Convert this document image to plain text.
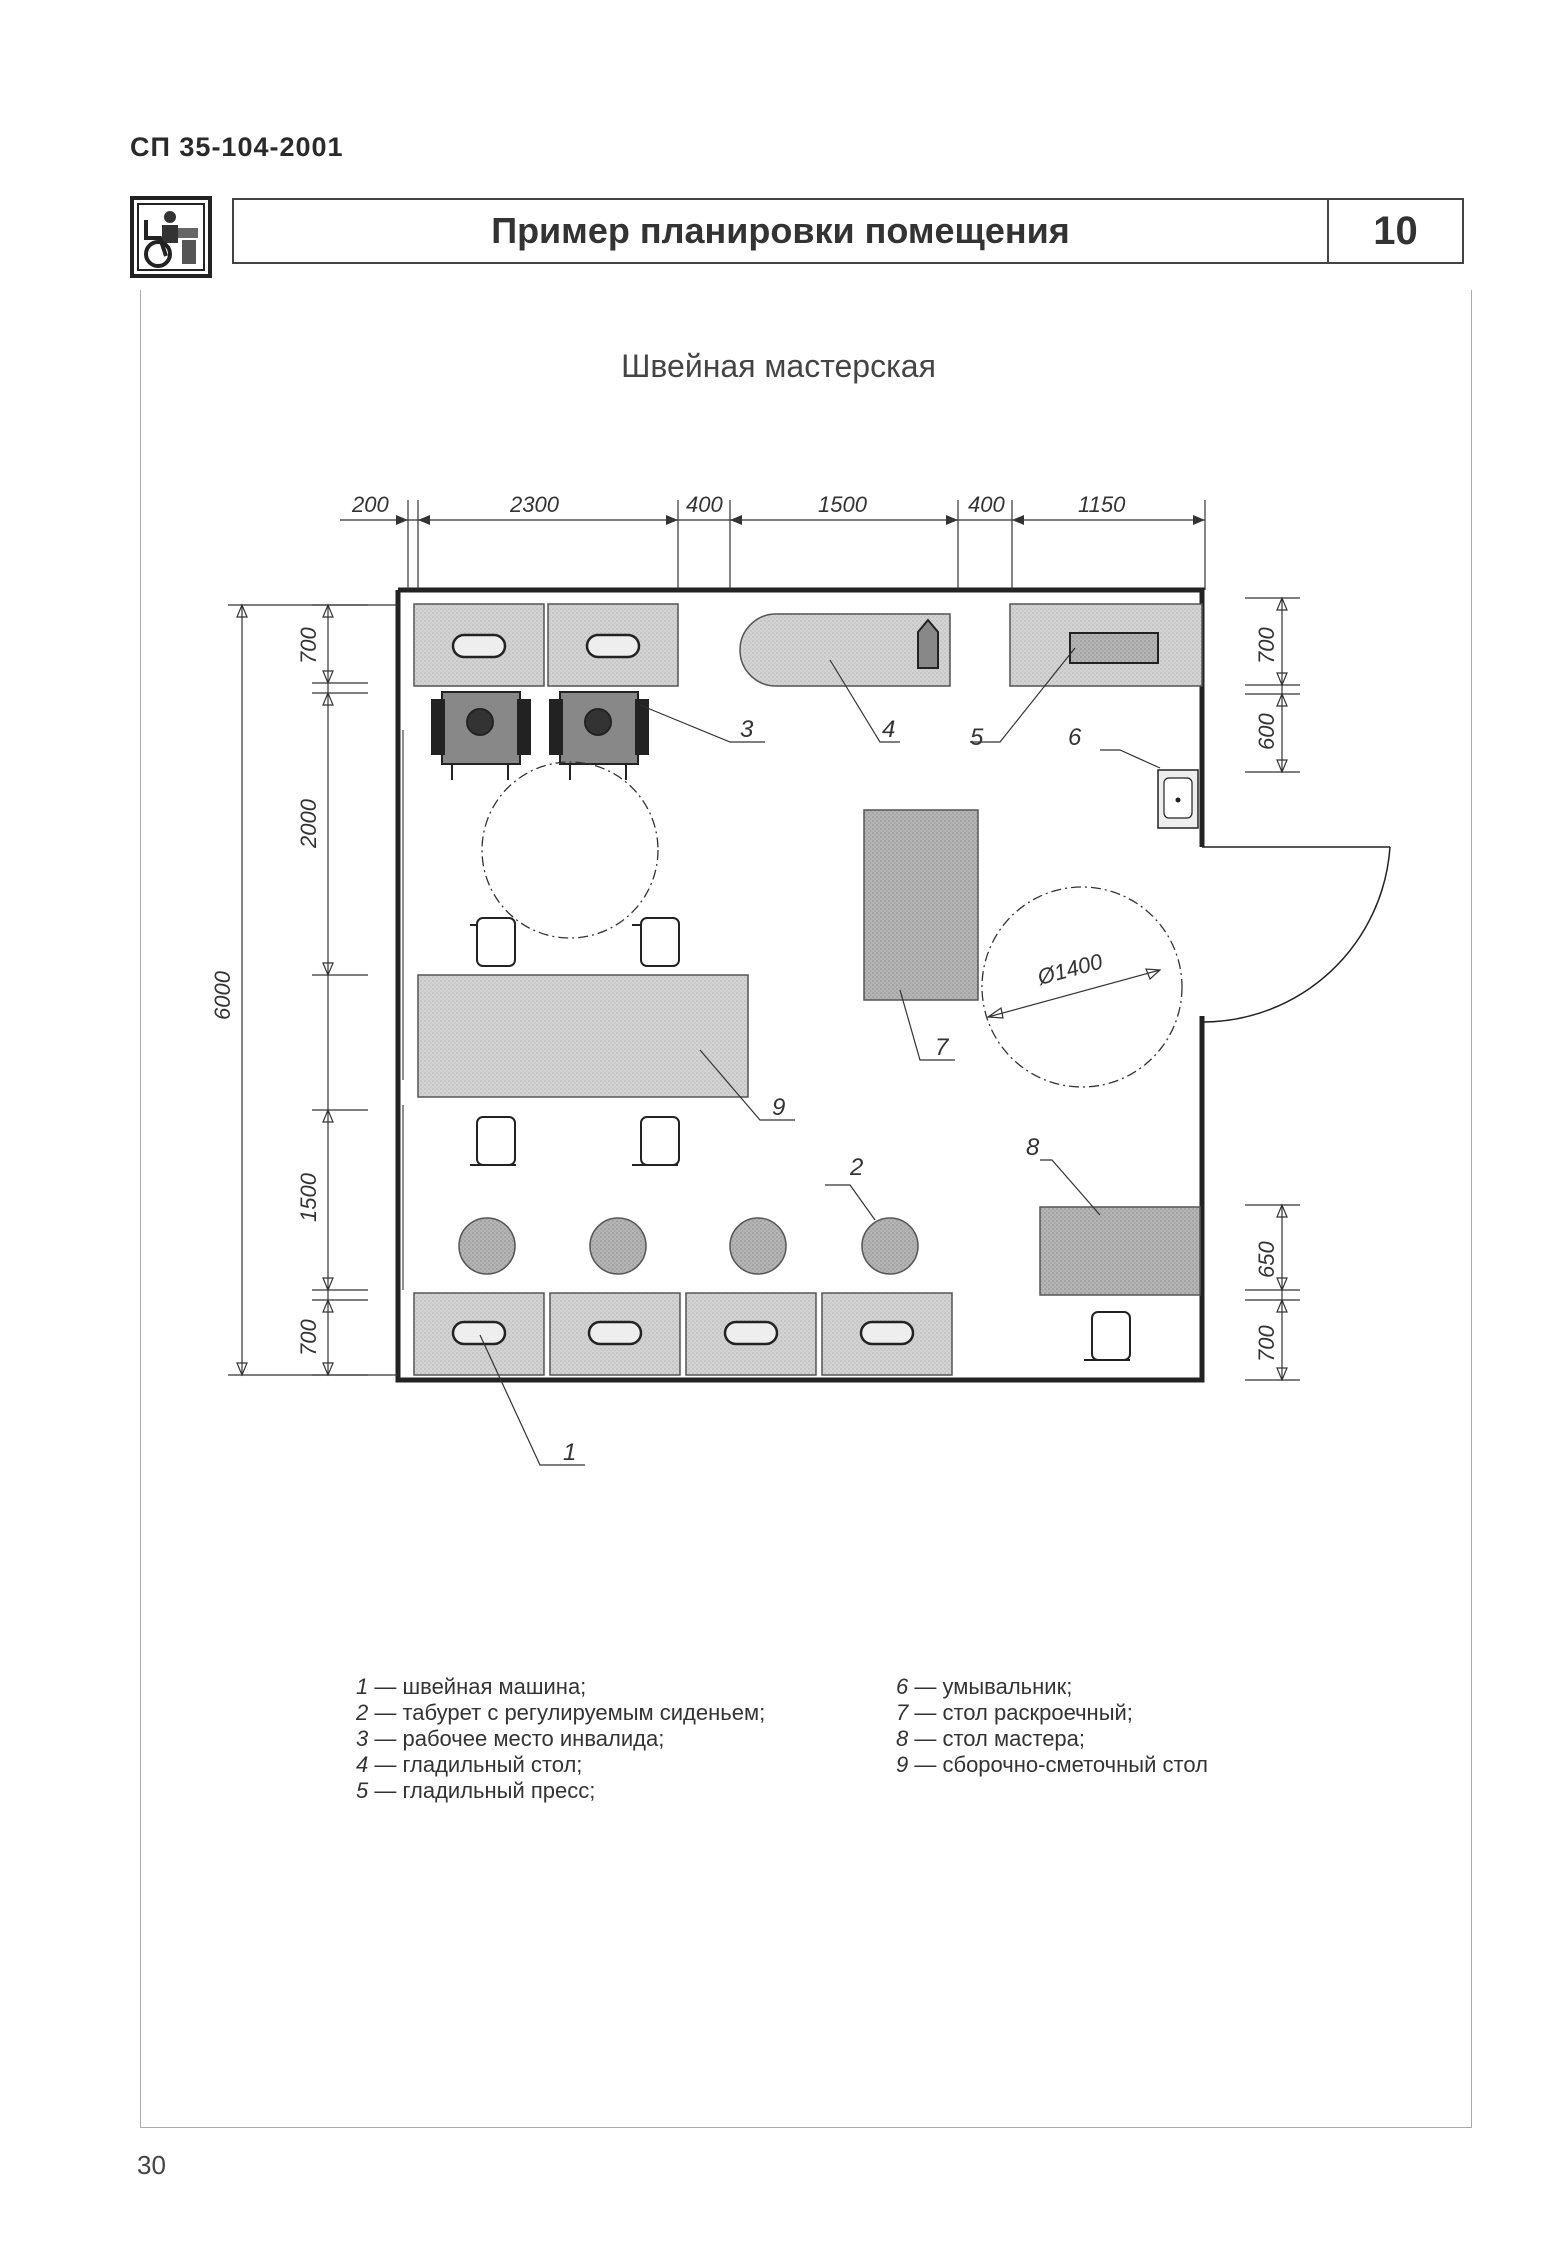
СП 35-104-2001
Пример планировки помещения	10
Швейная мастерская
200	2300	400	1500	400	1150
700
2000
1500
700
6000
700
600
650
700
Ø1400
1
2
3	4	5	6
7
8
9
1 — швейная машина;
2 — табурет с регулируемым сиденьем;
3 — рабочее место инвалида;
4 — гладильный стол;
5 — гладильный пресс;
6 — умывальник;
7 — стол раскроечный;
8 — стол мастера;
9 — сборочно-сметочный стол
30
